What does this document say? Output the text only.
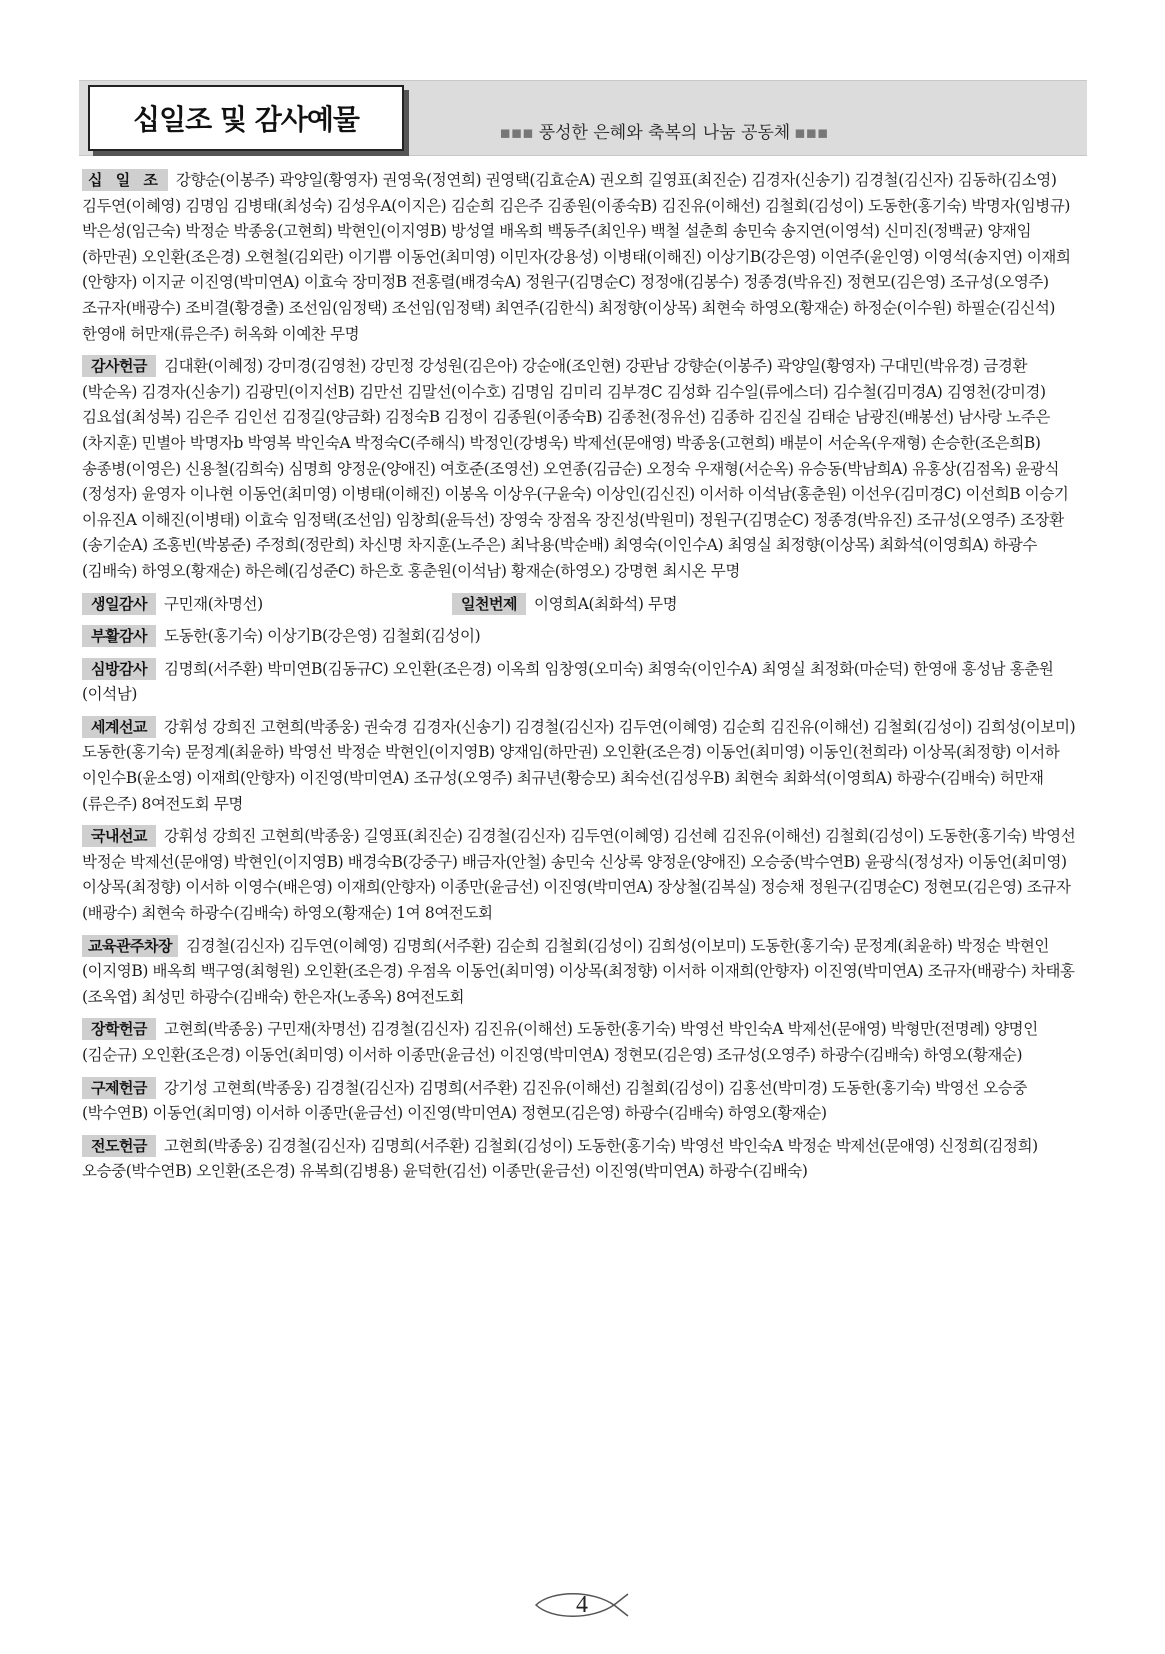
십일조 및 감사예물	■■■ 풍성한 은혜와 축복의 나눔 공동체 ■■■

십 일 조 강향순(이봉주) 곽양일(황영자) 권영욱(정연희) 권영택(김효순A) 권오희 길영표(최진순) 김경자(신송기) 김경철(김신자) 김동하(김소영) 김두연(이혜영) 김명임 김병태(최성숙) 김성우A(이지은) 김순희 김은주 김종원(이종숙B) 김진유(이해선) 김철회(김성이) 도동한(홍기숙) 박명자(임병규) 박은성(임근숙) 박정순 박종웅(고현희) 박현인(이지영B) 방성열 배옥희 백동주(최인우) 백철 설춘희 송민숙 송지연(이영석) 신미진(정백균) 양재임(하만권) 오인환(조은경) 오현철(김외란) 이기쁨 이동언(최미영) 이민자(강용성) 이병태(이해진) 이상기B(강은영) 이연주(윤인영) 이영석(송지연) 이재희(안향자) 이지균 이진영(박미연A) 이효숙 장미정B 전홍렬(배경숙A) 정원구(김명순C) 정정애(김봉수) 정종경(박유진) 정현모(김은영) 조규성(오영주) 조규자(배광수) 조비결(황경출) 조선임(임정택) 조선임(임정택) 최연주(김한식) 최정향(이상목) 최현숙 하영오(황재순) 하정순(이수원) 하필순(김신석) 한영애 허만재(류은주) 허옥화 이예찬 무명

감사헌금 김대환(이혜정) 강미경(김영천) 강민정 강성원(김은아) 강순애(조인현) 강판남 강향순(이봉주) 곽양일(황영자) 구대민(박유경) 금경환(박순옥) 김경자(신송기) 김광민(이지선B) 김만선 김말선(이수호) 김명임 김미리 김부경C 김성화 김수일(류에스더) 김수철(김미경A) 김영천(강미경) 김요섭(최성복) 김은주 김인선 김정길(양금화) 김정숙B 김정이 김종원(이종숙B) 김종천(정유선) 김종하 김진실 김태순 남광진(배봉선) 남사랑 노주은(차지훈) 민별아 박명자b 박영복 박인숙A 박정숙C(주해식) 박정인(강병욱) 박제선(문애영) 박종웅(고현희) 배분이 서순옥(우재형) 손승한(조은희B) 송종병(이영은) 신용철(김희숙) 심명희 양정운(양애진) 여호준(조영선) 오연종(김금순) 오정숙 우재형(서순옥) 유승동(박남희A) 유홍상(김점옥) 윤광식(정성자) 윤영자 이나현 이동언(최미영) 이병태(이해진) 이봉옥 이상우(구윤숙) 이상인(김신진) 이서하 이석남(홍춘원) 이선우(김미경C) 이선희B 이승기 이유진A 이해진(이병태) 이효숙 임정택(조선임) 임창희(윤득선) 장영숙 장점옥 장진성(박원미) 정원구(김명순C) 정종경(박유진) 조규성(오영주) 조장환(송기순A) 조홍빈(박봉준) 주정희(정란희) 차신명 차지훈(노주은) 최낙용(박순배) 최영숙(이인수A) 최영실 최정향(이상목) 최화석(이영희A) 하광수(김배숙) 하영오(황재순) 하은혜(김성준C) 하은호 홍춘원(이석남) 황재순(하영오) 강명현 최시온 무명

생일감사 구민재(차명선)	일천번제 이영희A(최화석) 무명

부활감사 도동한(홍기숙) 이상기B(강은영) 김철회(김성이)

심방감사 김명희(서주환) 박미연B(김동규C) 오인환(조은경) 이옥희 임창영(오미숙) 최영숙(이인수A) 최영실 최정화(마순덕) 한영애 홍성남 홍춘원(이석남)

세계선교 강휘성 강희진 고현희(박종웅) 권숙경 김경자(신송기) 김경철(김신자) 김두연(이혜영) 김순희 김진유(이해선) 김철회(김성이) 김희성(이보미) 도동한(홍기숙) 문정계(최윤하) 박영선 박정순 박현인(이지영B) 양재임(하만권) 오인환(조은경) 이동언(최미영) 이동인(천희라) 이상목(최정향) 이서하 이인수B(윤소영) 이재희(안향자) 이진영(박미연A) 조규성(오영주) 최규년(황승모) 최숙선(김성우B) 최현숙 최화석(이영희A) 하광수(김배숙) 허만재(류은주) 8여전도회 무명

국내선교 강휘성 강희진 고현희(박종웅) 길영표(최진순) 김경철(김신자) 김두연(이혜영) 김선혜 김진유(이해선) 김철회(김성이) 도동한(홍기숙) 박영선 박정순 박제선(문애영) 박현인(이지영B) 배경숙B(강중구) 배금자(안철) 송민숙 신상록 양정운(양애진) 오승중(박수연B) 윤광식(정성자) 이동언(최미영) 이상목(최정향) 이서하 이영수(배은영) 이재희(안향자) 이종만(윤금선) 이진영(박미연A) 장상철(김복실) 정승채 정원구(김명순C) 정현모(김은영) 조규자(배광수) 최현숙 하광수(김배숙) 하영오(황재순) 1여 8여전도회

교육관주차장 김경철(김신자) 김두연(이혜영) 김명희(서주환) 김순희 김철회(김성이) 김희성(이보미) 도동한(홍기숙) 문정계(최윤하) 박정순 박현인(이지영B) 배옥희 백구영(최형원) 오인환(조은경) 우점옥 이동언(최미영) 이상목(최정향) 이서하 이재희(안향자) 이진영(박미연A) 조규자(배광수) 차태홍(조옥엽) 최성민 하광수(김배숙) 한은자(노종옥) 8여전도회

장학헌금 고현희(박종웅) 구민재(차명선) 김경철(김신자) 김진유(이해선) 도동한(홍기숙) 박영선 박인숙A 박제선(문애영) 박형만(전명례) 양명인(김순규) 오인환(조은경) 이동언(최미영) 이서하 이종만(윤금선) 이진영(박미연A) 정현모(김은영) 조규성(오영주) 하광수(김배숙) 하영오(황재순)

구제헌금 강기성 고현희(박종웅) 김경철(김신자) 김명희(서주환) 김진유(이해선) 김철회(김성이) 김홍선(박미경) 도동한(홍기숙) 박영선 오승중(박수연B) 이동언(최미영) 이서하 이종만(윤금선) 이진영(박미연A) 정현모(김은영) 하광수(김배숙) 하영오(황재순)

전도헌금 고현희(박종웅) 김경철(김신자) 김명희(서주환) 김철회(김성이) 도동한(홍기숙) 박영선 박인숙A 박정순 박제선(문애영) 신정희(김정희) 오승중(박수연B) 오인환(조은경) 유복희(김병용) 윤덕한(김선) 이종만(윤금선) 이진영(박미연A) 하광수(김배숙)

4
